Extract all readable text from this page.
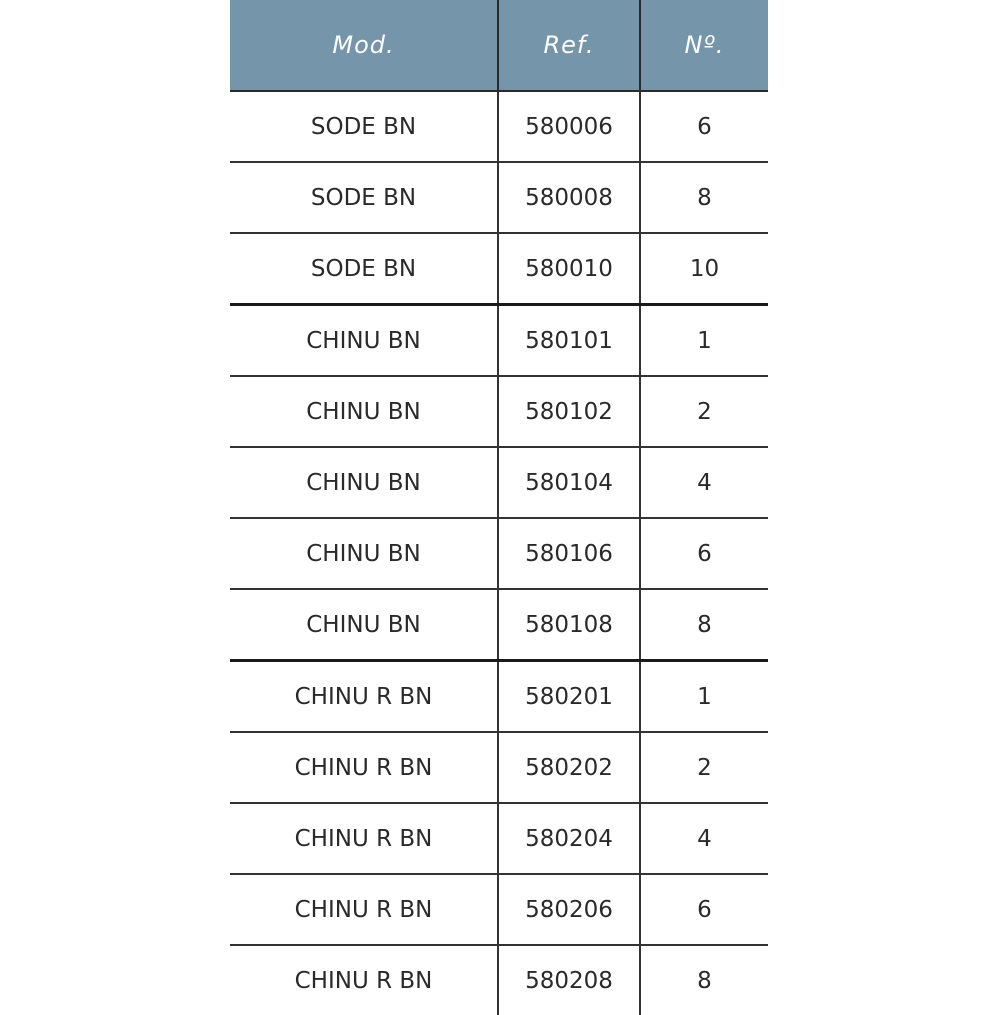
Mod.	Ref.	Nº.
SODE BN	580006	6
SODE BN	580008	8
SODE BN	580010	10
CHINU BN	580101	1
CHINU BN	580102	2
CHINU BN	580104	4
CHINU BN	580106	6
CHINU BN	580108	8
CHINU R BN	580201	1
CHINU R BN	580202	2
CHINU R BN	580204	4
CHINU R BN	580206	6
CHINU R BN	580208	8
